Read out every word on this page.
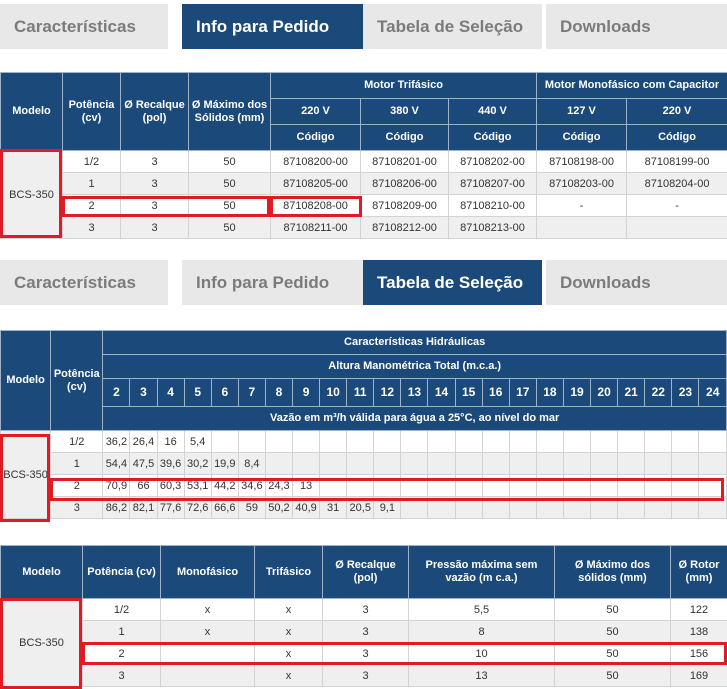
Características	Info para Pedido	Tabela de Seleção	Downloads
Modelo	Potência (cv)	Ø Recalque (pol)	Ø Máximo dos Sólidos (mm)	Motor Trifásico			Motor Monofásico com Capacitor	
				220 V	380 V	440 V	127 V	220 V
				Código	Código	Código	Código	Código
BCS-350	1/2	3	50	87108200-00	87108201-00	87108202-00	87108198-00	87108199-00
	1	3	50	87108205-00	87108206-00	87108207-00	87108203-00	87108204-00
	2	3	50	87108208-00	87108209-00	87108210-00	-	-
	3	3	50	87108211-00	87108212-00	87108213-00		
Características	Info para Pedido	Tabela de Seleção	Downloads
Modelo	Potência (cv)	Características Hidráulicas																						
		Altura Manométrica Total (m.c.a.)																						
		2	3	4	5	6	7	8	9	10	11	12	13	14	15	16	17	18	19	20	21	22	23	24
		Vazão em m³/h válida para água a 25°C, ao nível do mar																						
BCS-350	1/2	36,2	26,4	16	5,4																			
	1	54,4	47,5	39,6	30,2	19,9	8,4																	
	2	70,9	66	60,3	53,1	44,2	34,6	24,3	13															
	3	86,2	82,1	77,6	72,6	66,6	59	50,2	40,9	31	20,5	9,1												
Modelo	Potência (cv)	Monofásico	Trifásico	Ø Recalque (pol)	Pressão máxima sem vazão (m c.a.)	Ø Máximo dos sólidos (mm)	Ø Rotor (mm)
BCS-350	1/2	x	x	3	5,5	50	122
	1	x	x	3	8	50	138
	2		x	3	10	50	156
	3		x	3	13	50	169
